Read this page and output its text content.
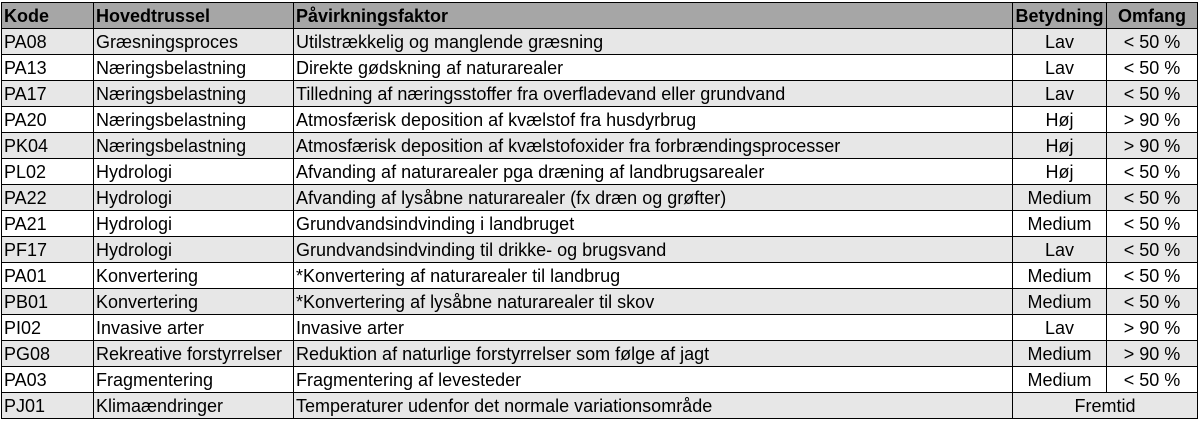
Kode	Hovedtrussel	Påvirkningsfaktor	Betydning	Omfang
PA08	Græsningsproces	Utilstrækkelig og manglende græsning	Lav	< 50 %
PA13	Næringsbelastning	Direkte gødskning af naturarealer	Lav	< 50 %
PA17	Næringsbelastning	Tilledning af næringsstoffer fra overfladevand eller grundvand	Lav	< 50 %
PA20	Næringsbelastning	Atmosfærisk deposition af kvælstof fra husdyrbrug	Høj	> 90 %
PK04	Næringsbelastning	Atmosfærisk deposition af kvælstofoxider fra forbrændingsprocesser	Høj	> 90 %
PL02	Hydrologi	Afvanding af naturarealer pga dræning af landbrugsarealer	Høj	< 50 %
PA22	Hydrologi	Afvanding af lysåbne naturarealer (fx dræn og grøfter)	Medium	< 50 %
PA21	Hydrologi	Grundvandsindvinding i landbruget	Medium	< 50 %
PF17	Hydrologi	Grundvandsindvinding til drikke- og brugsvand	Lav	< 50 %
PA01	Konvertering	*Konvertering af naturarealer til landbrug	Medium	< 50 %
PB01	Konvertering	*Konvertering af lysåbne naturarealer til skov	Medium	< 50 %
PI02	Invasive arter	Invasive arter	Lav	> 90 %
PG08	Rekreative forstyrrelser	Reduktion af naturlige forstyrrelser som følge af jagt	Medium	> 90 %
PA03	Fragmentering	Fragmentering af levesteder	Medium	< 50 %
PJ01	Klimaændringer	Temperaturer udenfor det normale variationsområde	Fremtid	
